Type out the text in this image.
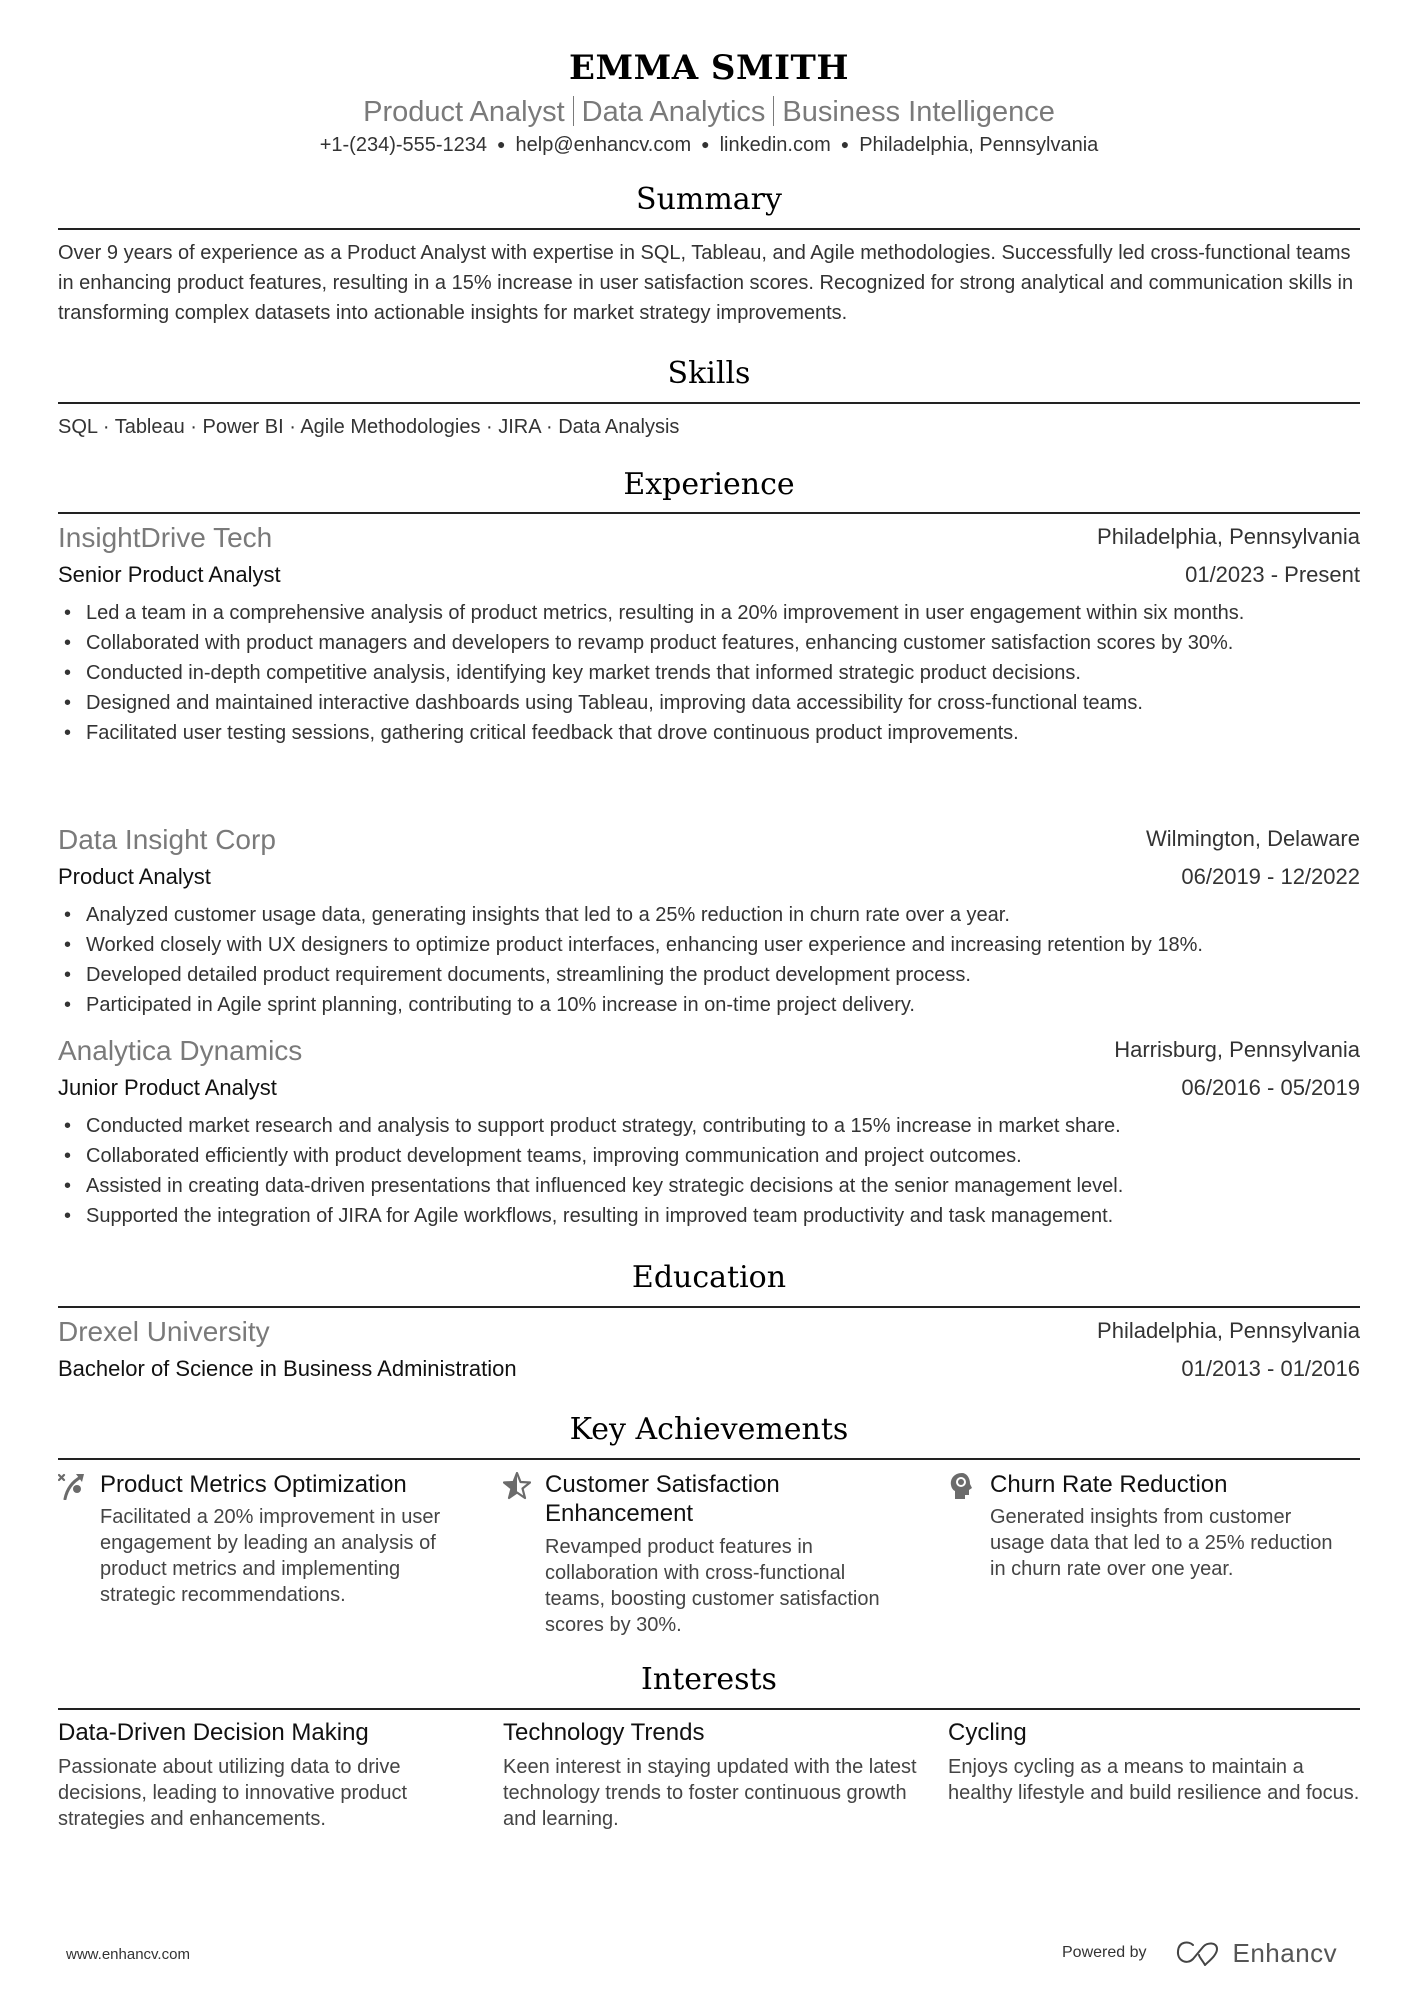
EMMA SMITH
Product Analyst Data Analytics Business Intelligence
+1-(234)-555-1234 ● help@enhancv.com ● linkedin.com ● Philadelphia, Pennsylvania
Summary
Over 9 years of experience as a Product Analyst with expertise in SQL, Tableau, and Agile methodologies. Successfully led cross-functional teams in enhancing product features, resulting in a 15% increase in user satisfaction scores. Recognized for strong analytical and communication skills in transforming complex datasets into actionable insights for market strategy improvements.
Skills
SQL · Tableau · Power BI · Agile Methodologies · JIRA · Data Analysis
Experience
InsightDrive Tech	Philadelphia, Pennsylvania
Senior Product Analyst	01/2023 - Present
• Led a team in a comprehensive analysis of product metrics, resulting in a 20% improvement in user engagement within six months.
• Collaborated with product managers and developers to revamp product features, enhancing customer satisfaction scores by 30%.
• Conducted in-depth competitive analysis, identifying key market trends that informed strategic product decisions.
• Designed and maintained interactive dashboards using Tableau, improving data accessibility for cross-functional teams.
• Facilitated user testing sessions, gathering critical feedback that drove continuous product improvements.
Data Insight Corp	Wilmington, Delaware
Product Analyst	06/2019 - 12/2022
• Analyzed customer usage data, generating insights that led to a 25% reduction in churn rate over a year.
• Worked closely with UX designers to optimize product interfaces, enhancing user experience and increasing retention by 18%.
• Developed detailed product requirement documents, streamlining the product development process.
• Participated in Agile sprint planning, contributing to a 10% increase in on-time project delivery.
Analytica Dynamics	Harrisburg, Pennsylvania
Junior Product Analyst	06/2016 - 05/2019
• Conducted market research and analysis to support product strategy, contributing to a 15% increase in market share.
• Collaborated efficiently with product development teams, improving communication and project outcomes.
• Assisted in creating data-driven presentations that influenced key strategic decisions at the senior management level.
• Supported the integration of JIRA for Agile workflows, resulting in improved team productivity and task management.
Education
Drexel University	Philadelphia, Pennsylvania
Bachelor of Science in Business Administration	01/2013 - 01/2016
Key Achievements
Product Metrics Optimization
Facilitated a 20% improvement in user engagement by leading an analysis of product metrics and implementing strategic recommendations.
Customer Satisfaction Enhancement
Revamped product features in collaboration with cross-functional teams, boosting customer satisfaction scores by 30%.
Churn Rate Reduction
Generated insights from customer usage data that led to a 25% reduction in churn rate over one year.
Interests
Data-Driven Decision Making
Passionate about utilizing data to drive decisions, leading to innovative product strategies and enhancements.
Technology Trends
Keen interest in staying updated with the latest technology trends to foster continuous growth and learning.
Cycling
Enjoys cycling as a means to maintain a healthy lifestyle and build resilience and focus.
www.enhancv.com	Powered by	Enhancv
